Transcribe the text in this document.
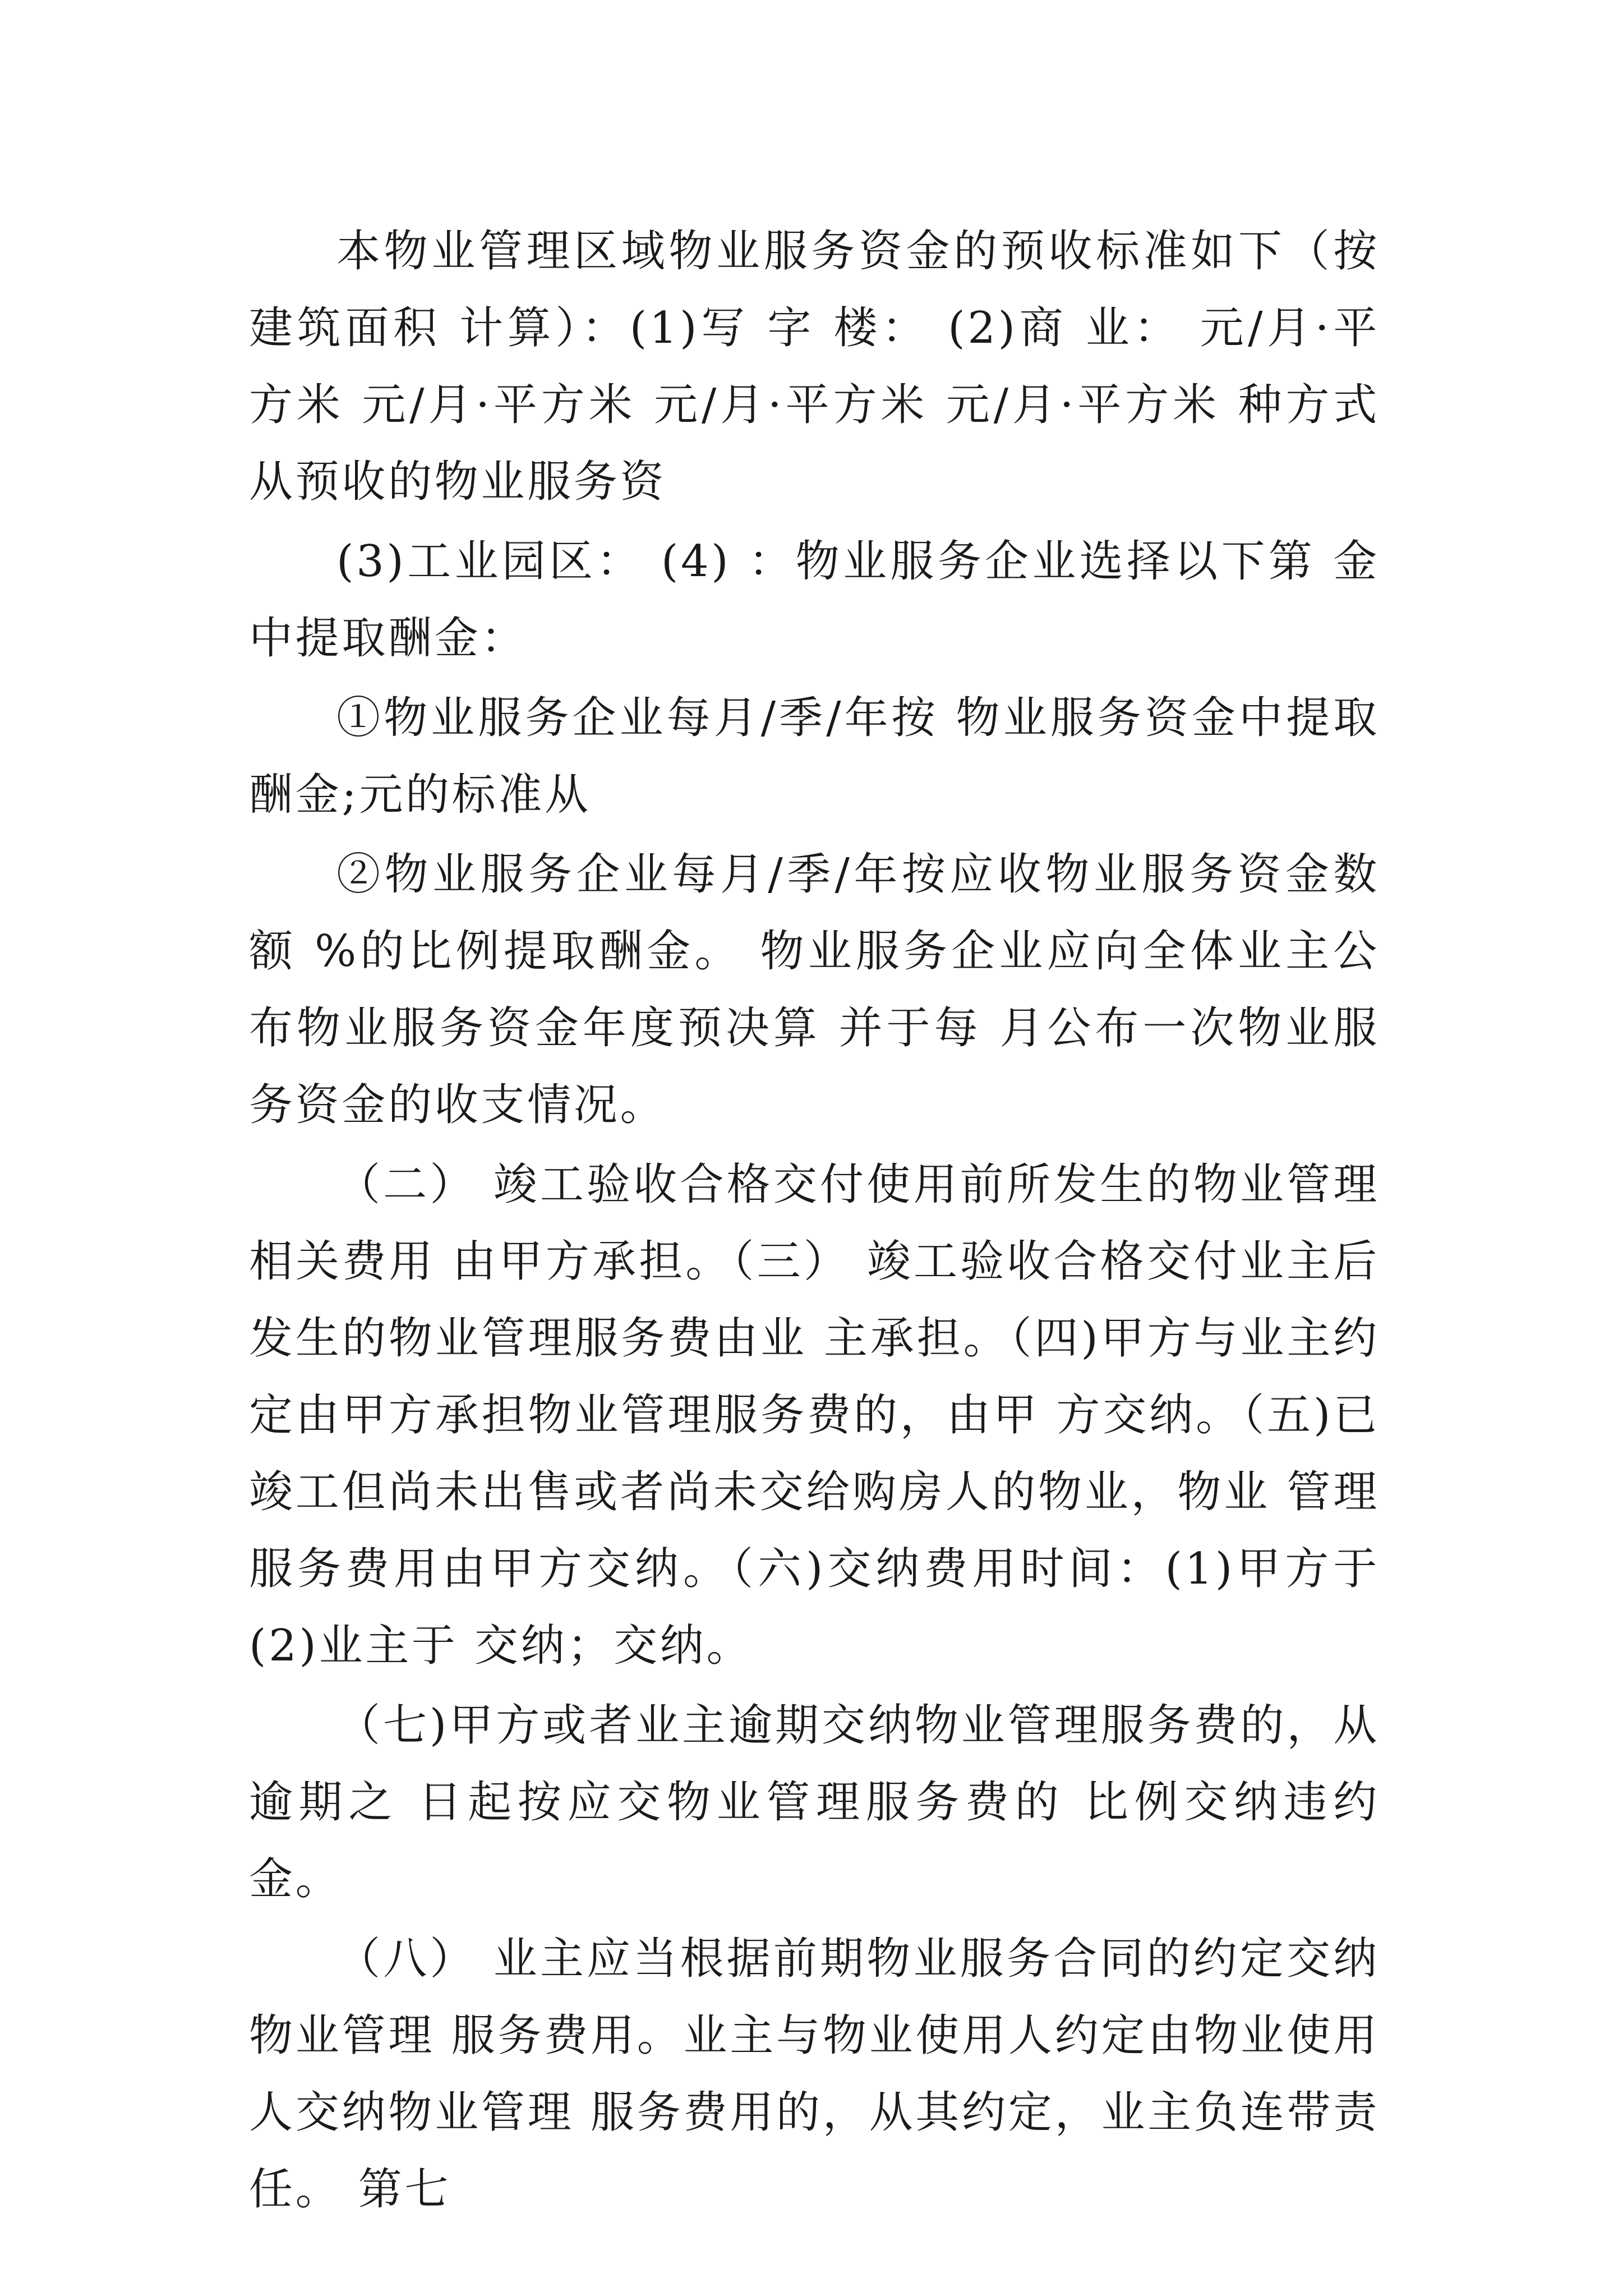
本物业管理区域物业服务资金的预收标准如下（按建筑面积 计算）：(1)写 字 楼： (2)商 业： 元/月·平方米 元/月·平方米 元/月·平方米 元/月·平方米 种方式从预收的物业服务资

(3)工业园区： (4) ：物业服务企业选择以下第 金中提取酬金：

①物业服务企业每月/季/年按 物业服务资金中提取酬金;元的标准从

②物业服务企业每月/季/年按应收物业服务资金数额 %的比例提取酬金。 物业服务企业应向全体业主公布物业服务资金年度预决算 并于每 月公布一次物业服务资金的收支情况。

（二） 竣工验收合格交付使用前所发生的物业管理相关费用 由甲方承担。（三） 竣工验收合格交付业主后发生的物业管理服务费由业 主承担。（四)甲方与业主约定由甲方承担物业管理服务费的，由甲 方交纳。（五)已竣工但尚未出售或者尚未交给购房人的物业，物业 管理服务费用由甲方交纳。（六)交纳费用时间：(1)甲方于 (2)业主于 交纳；交纳。

（七)甲方或者业主逾期交纳物业管理服务费的，从逾期之 日起按应交物业管理服务费的 比例交纳违约金。

（八） 业主应当根据前期物业服务合同的约定交纳物业管理 服务费用。业主与物业使用人约定由物业使用人交纳物业管理 服务费用的，从其约定，业主负连带责任。 第七
